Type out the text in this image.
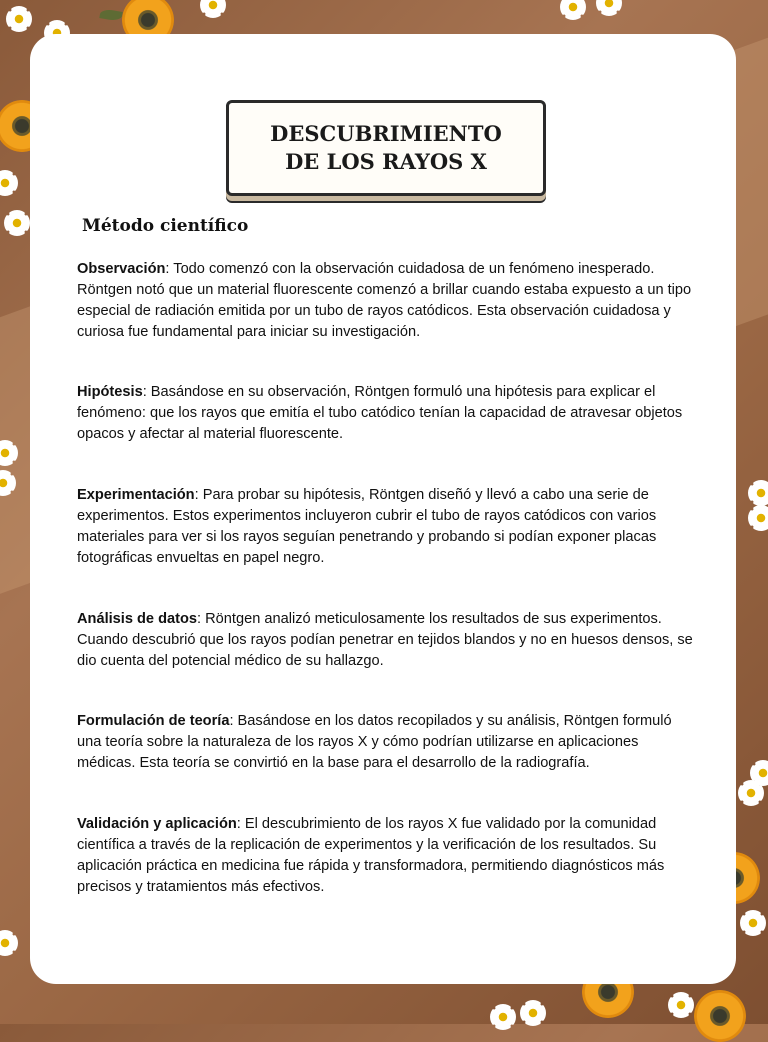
DESCUBRIMIENTO DE LOS RAYOS X
Método científico
Observación: Todo comenzó con la observación cuidadosa de un fenómeno inesperado. Röntgen notó que un material fluorescente comenzó a brillar cuando estaba expuesto a un tipo especial de radiación emitida por un tubo de rayos catódicos. Esta observación cuidadosa y curiosa fue fundamental para iniciar su investigación.
Hipótesis: Basándose en su observación, Röntgen formuló una hipótesis para explicar el fenómeno: que los rayos que emitía el tubo catódico tenían la capacidad de atravesar objetos opacos y afectar al material fluorescente.
Experimentación: Para probar su hipótesis, Röntgen diseñó y llevó a cabo una serie de experimentos. Estos experimentos incluyeron cubrir el tubo de rayos catódicos con varios materiales para ver si los rayos seguían penetrando y probando si podían exponer placas fotográficas envueltas en papel negro.
Análisis de datos: Röntgen analizó meticulosamente los resultados de sus experimentos. Cuando descubrió que los rayos podían penetrar en tejidos blandos y no en huesos densos, se dio cuenta del potencial médico de su hallazgo.
Formulación de teoría: Basándose en los datos recopilados y su análisis, Röntgen formuló una teoría sobre la naturaleza de los rayos X y cómo podrían utilizarse en aplicaciones médicas. Esta teoría se convirtió en la base para el desarrollo de la radiografía.
Validación y aplicación: El descubrimiento de los rayos X fue validado por la comunidad científica a través de la replicación de experimentos y la verificación de los resultados. Su aplicación práctica en medicina fue rápida y transformadora, permitiendo diagnósticos más precisos y tratamientos más efectivos.
